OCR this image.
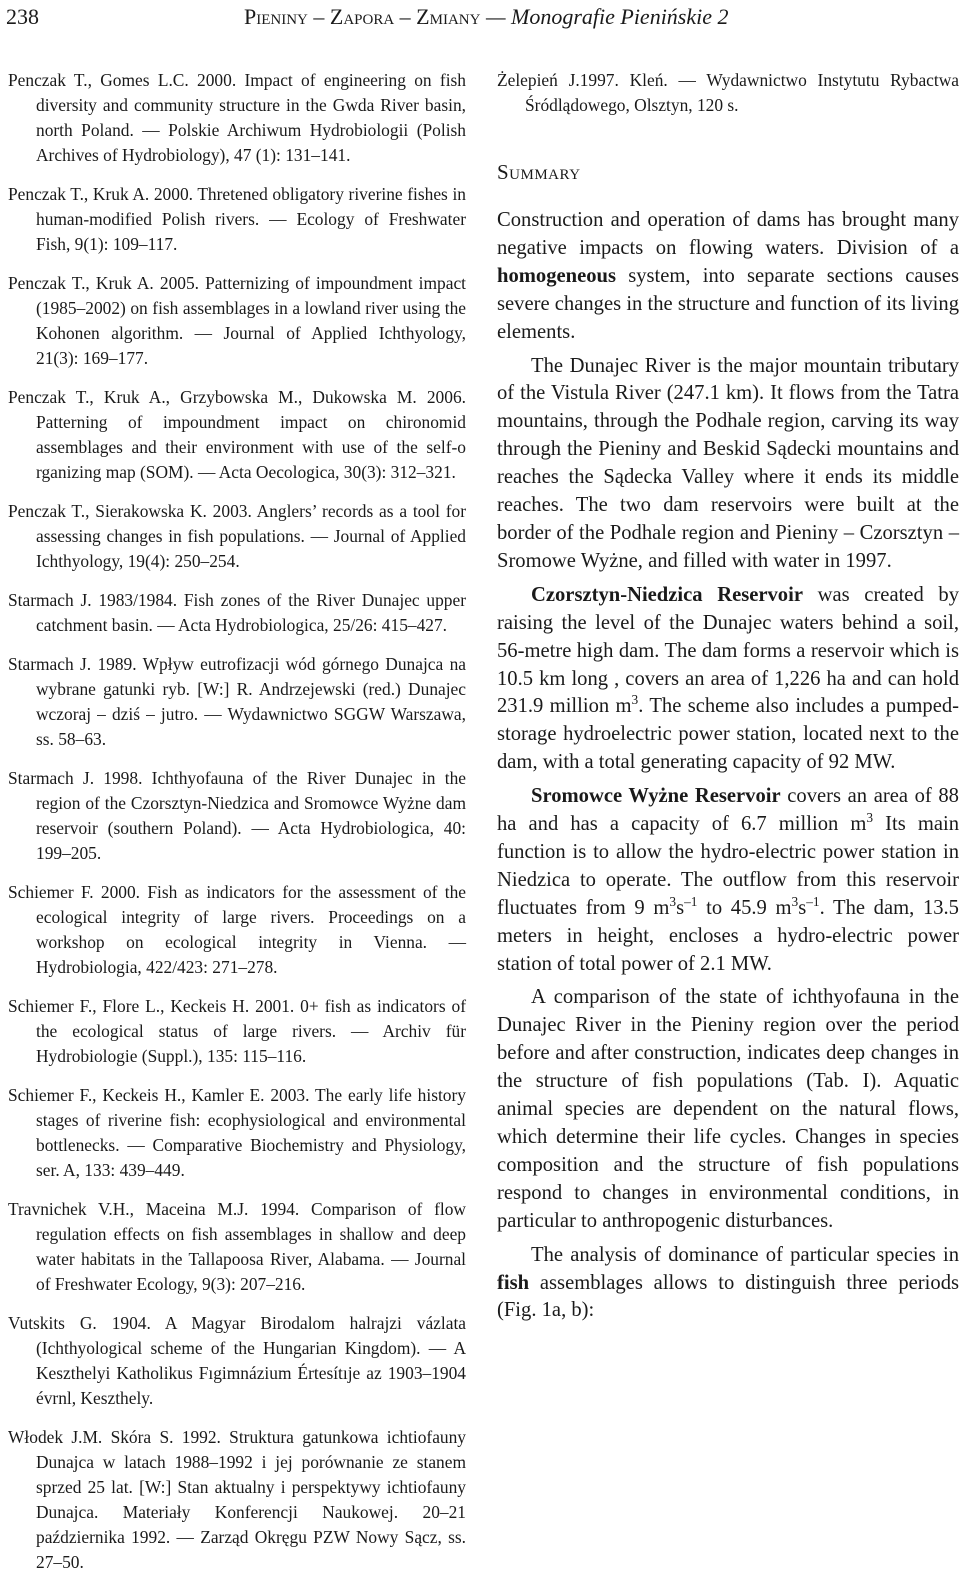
238	Pieniny – Zapora – Zmiany — Monografie Pienińskie 2

Penczak T., Gomes L.C. 2000. Impact of engineering on fish diversity and community structure in the Gwda River basin, north Poland. — Polskie Archiwum Hydrobiologii (Polish Archives of Hydrobiology), 47 (1): 131–141.

Penczak T., Kruk A. 2000. Thretened obligatory riverine fishes in human-modified Polish rivers. — Ecology of Freshwater Fish, 9(1): 109–117.

Penczak T., Kruk A. 2005. Patternizing of impoundment impact (1985–2002) on fish assemblages in a lowland river using the Kohonen algorithm. — Journal of Applied Ichthyology, 21(3): 169–177.

Penczak T., Kruk A., Grzybowska M., Dukowska M. 2006. Patterning of impoundment impact on chironomid assemblages and their environment with use of the self-o rganizing map (SOM). — Acta Oecologica, 30(3): 312–321.

Penczak T., Sierakowska K. 2003. Anglers’ records as a tool for assessing changes in fish populations. — Journal of Applied Ichthyology, 19(4): 250–254.

Starmach J. 1983/1984. Fish zones of the River Dunajec upper catchment basin. — Acta Hydrobiologica, 25/26: 415–427.

Starmach J. 1989. Wpływ eutrofizacji wód górnego Dunajca na wybrane gatunki ryb. [W:] R. Andrzejewski (red.) Dunajec wczoraj – dziś – jutro. — Wydawnictwo SGGW Warszawa, ss. 58–63.

Starmach J. 1998. Ichthyofauna of the River Dunajec in the region of the Czorsztyn-Niedzica and Sromowce Wyżne dam reservoir (southern Poland). — Acta Hydrobiologica, 40: 199–205.

Schiemer F. 2000. Fish as indicators for the assessment of the ecological integrity of large rivers. Proceedings on a workshop on ecological integrity in Vienna. — Hydrobiologia, 422/423: 271–278.

Schiemer F., Flore L., Keckeis H. 2001. 0+ fish as indicators of the ecological status of large rivers. — Archiv für Hydrobiologie (Suppl.), 135: 115–116.

Schiemer F., Keckeis H., Kamler E. 2003. The early life history stages of riverine fish: ecophysiological and environmental bottlenecks. — Comparative Biochemistry and Physiology, ser. A, 133: 439–449.

Travnichek V.H., Maceina M.J. 1994. Comparison of flow regulation effects on fish assemblages in shallow and deep water habitats in the Tallapoosa River, Alabama. — Journal of Freshwater Ecology, 9(3): 207–216.

Vutskits G. 1904. A Magyar Birodalom halrajzi vázlata (Ichthyological scheme of the Hungarian Kingdom). — A Keszthelyi Katholikus Fıgimnázium Értesítıje az 1903–1904 évrnl, Keszthely.

Włodek J.M. Skóra S. 1992. Struktura gatunkowa ichtiofauny Dunajca w latach 1988–1992 i jej porównanie ze stanem sprzed 25 lat. [W:] Stan aktualny i perspektywy ichtiofauny Dunajca. Materiały Konferencji Naukowej. 20–21 października 1992. — Zarząd Okręgu PZW Nowy Sącz, ss. 27–50.

Żelepień J.1997. Kleń. — Wydawnictwo Instytutu Rybactwa Śródlądowego, Olsztyn, 120 s.

Summary

Construction and operation of dams has brought many negative impacts on flowing waters. Division of a homogeneous system, into separate sections causes severe changes in the structure and function of its living elements.

The Dunajec River is the major mountain tributary of the Vistula River (247.1 km). It flows from the Tatra mountains, through the Podhale region, carving its way through the Pieniny and Beskid Sądecki mountains and reaches the Sądecka Valley where it ends its middle reaches. The two dam reservoirs were built at the border of the Podhale region and Pieniny – Czorsztyn – Sromowe Wyżne, and filled with water in 1997.

Czorsztyn-Niedzica Reservoir was created by raising the level of the Dunajec waters behind a soil, 56-metre high dam. The dam forms a reservoir which is 10.5 km long , covers an area of 1,226 ha and can hold 231.9 million $m^3$. The scheme also includes a pumped-storage hydroelectric power station, located next to the dam, with a total generating capacity of 92 MW.

Sromowce Wyżne Reservoir covers an area of 88 ha and has a capacity of 6.7 million $m^3$ Its main function is to allow the hydro-electric power station in Niedzica to operate. The outflow from this reservoir fluctuates from 9 $m^3s^{-1}$ to 45.9 $m^3s^{-1}$. The dam, 13.5 meters in height, encloses a hydro-electric power station of total power of 2.1 MW.

A comparison of the state of ichthyofauna in the Dunajec River in the Pieniny region over the period before and after construction, indicates deep changes in the structure of fish populations (Tab. I). Aquatic animal species are dependent on the natural flows, which determine their life cycles. Changes in species composition and the structure of fish populations respond to changes in environmental conditions, in particular to anthropogenic disturbances.

The analysis of dominance of particular species in fish assemblages allows to distinguish three periods (Fig. 1a, b):
